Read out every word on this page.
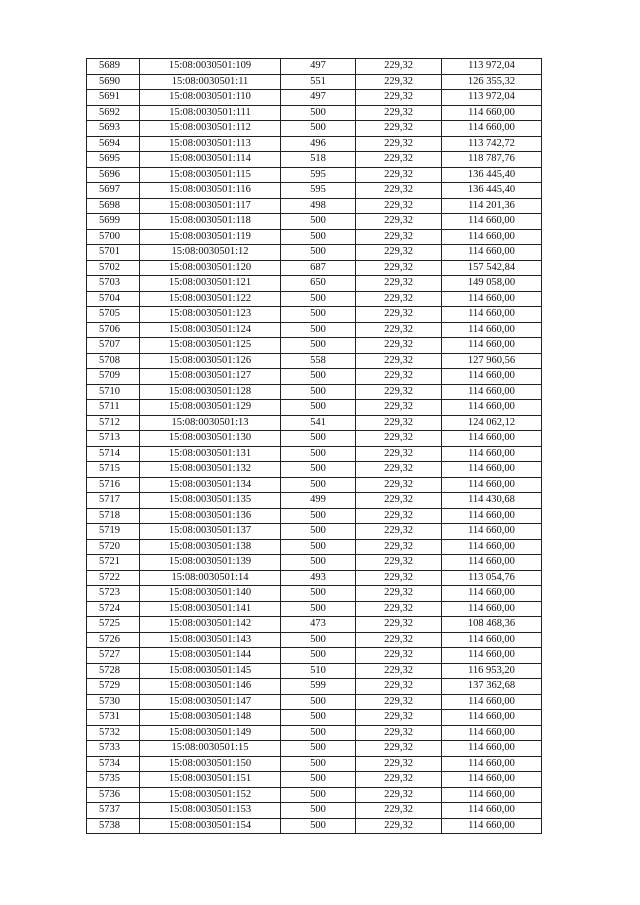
5689	15:08:0030501:109	497	229,32	113 972,04
5690	15:08:0030501:11	551	229,32	126 355,32
5691	15:08:0030501:110	497	229,32	113 972,04
5692	15:08:0030501:111	500	229,32	114 660,00
5693	15:08:0030501:112	500	229,32	114 660,00
5694	15:08:0030501:113	496	229,32	113 742,72
5695	15:08:0030501:114	518	229,32	118 787,76
5696	15:08:0030501:115	595	229,32	136 445,40
5697	15:08:0030501:116	595	229,32	136 445,40
5698	15:08:0030501:117	498	229,32	114 201,36
5699	15:08:0030501:118	500	229,32	114 660,00
5700	15:08:0030501:119	500	229,32	114 660,00
5701	15:08:0030501:12	500	229,32	114 660,00
5702	15:08:0030501:120	687	229,32	157 542,84
5703	15:08:0030501:121	650	229,32	149 058,00
5704	15:08:0030501:122	500	229,32	114 660,00
5705	15:08:0030501:123	500	229,32	114 660,00
5706	15:08:0030501:124	500	229,32	114 660,00
5707	15:08:0030501:125	500	229,32	114 660,00
5708	15:08:0030501:126	558	229,32	127 960,56
5709	15:08:0030501:127	500	229,32	114 660,00
5710	15:08:0030501:128	500	229,32	114 660,00
5711	15:08:0030501:129	500	229,32	114 660,00
5712	15:08:0030501:13	541	229,32	124 062,12
5713	15:08:0030501:130	500	229,32	114 660,00
5714	15:08:0030501:131	500	229,32	114 660,00
5715	15:08:0030501:132	500	229,32	114 660,00
5716	15:08:0030501:134	500	229,32	114 660,00
5717	15:08:0030501:135	499	229,32	114 430,68
5718	15:08:0030501:136	500	229,32	114 660,00
5719	15:08:0030501:137	500	229,32	114 660,00
5720	15:08:0030501:138	500	229,32	114 660,00
5721	15:08:0030501:139	500	229,32	114 660,00
5722	15:08:0030501:14	493	229,32	113 054,76
5723	15:08:0030501:140	500	229,32	114 660,00
5724	15:08:0030501:141	500	229,32	114 660,00
5725	15:08:0030501:142	473	229,32	108 468,36
5726	15:08:0030501:143	500	229,32	114 660,00
5727	15:08:0030501:144	500	229,32	114 660,00
5728	15:08:0030501:145	510	229,32	116 953,20
5729	15:08:0030501:146	599	229,32	137 362,68
5730	15:08:0030501:147	500	229,32	114 660,00
5731	15:08:0030501:148	500	229,32	114 660,00
5732	15:08:0030501:149	500	229,32	114 660,00
5733	15:08:0030501:15	500	229,32	114 660,00
5734	15:08:0030501:150	500	229,32	114 660,00
5735	15:08:0030501:151	500	229,32	114 660,00
5736	15:08:0030501:152	500	229,32	114 660,00
5737	15:08:0030501:153	500	229,32	114 660,00
5738	15:08:0030501:154	500	229,32	114 660,00
